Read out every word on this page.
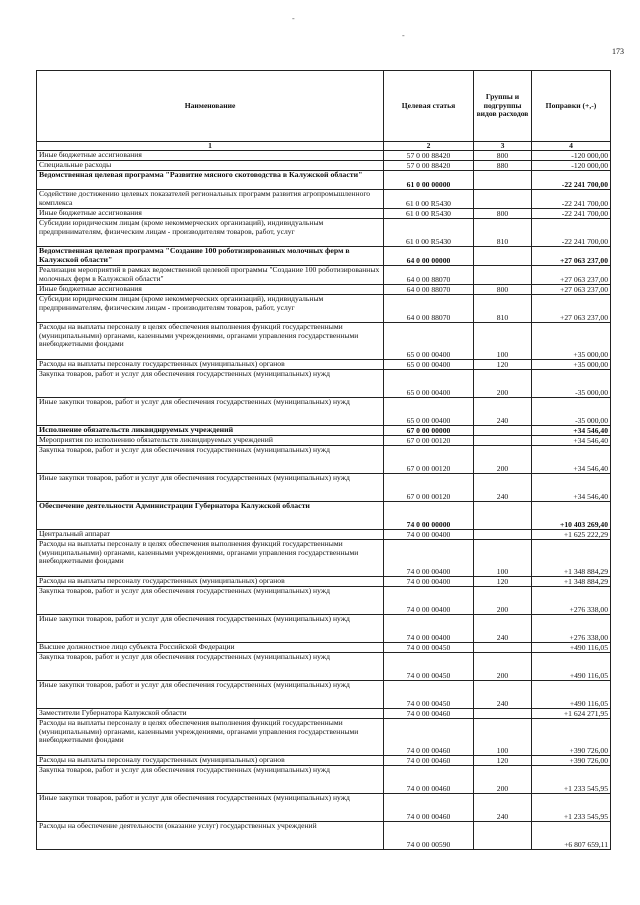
-
-
173
Наименование	Целевая статья	Группы и подгруппы видов расходов	Поправки (+,-)
1	2	3	4
Иные бюджетные ассигнования	57 0 00 88420	800	-120 000,00
Специальные расходы	57 0 00 88420	880	-120 000,00
Ведомственная целевая программа "Развитие мясного скотоводства в Калужской области"	61 0 00 00000		-22 241 700,00
Содействие достижению целевых показателей региональных программ развития агропромышленного комплекса	61 0 00 R5430		-22 241 700,00
Иные бюджетные ассигнования	61 0 00 R5430	800	-22 241 700,00
Субсидии юридическим лицам (кроме некоммерческих организаций), индивидуальным предпринимателям, физическим лицам - производителям товаров, работ, услуг	61 0 00 R5430	810	-22 241 700,00
Ведомственная целевая программа "Создание 100 роботизированных молочных ферм в Калужской области"	64 0 00 00000		+27 063 237,00
Реализация мероприятий в рамках ведомственной целевой программы "Создание 100 роботизированных молочных ферм в Калужской области"	64 0 00 88070		+27 063 237,00
Иные бюджетные ассигнования	64 0 00 88070	800	+27 063 237,00
Субсидии юридическим лицам (кроме некоммерческих организаций), индивидуальным предпринимателям, физическим лицам - производителям товаров, работ, услуг	64 0 00 88070	810	+27 063 237,00
Расходы на выплаты персоналу в целях обеспечения выполнения функций государственными (муниципальными) органами, казенными учреждениями, органами управления государственными внебюджетными фондами	65 0 00 00400	100	+35 000,00
Расходы на выплаты персоналу государственных (муниципальных) органов	65 0 00 00400	120	+35 000,00
Закупка товаров, работ и услуг для обеспечения государственных (муниципальных) нужд	65 0 00 00400	200	-35 000,00
Иные закупки товаров, работ и услуг для обеспечения государственных (муниципальных) нужд	65 0 00 00400	240	-35 000,00
Исполнение обязательств ликвидируемых учреждений	67 0 00 00000		+34 546,40
Мероприятия по исполнению обязательств ликвидируемых учреждений	67 0 00 00120		+34 546,40
Закупка товаров, работ и услуг для обеспечения государственных (муниципальных) нужд	67 0 00 00120	200	+34 546,40
Иные закупки товаров, работ и услуг для обеспечения государственных (муниципальных) нужд	67 0 00 00120	240	+34 546,40
Обеспечение деятельности Администрации Губернатора Калужской области	74 0 00 00000		+10 403 269,40
Центральный аппарат	74 0 00 00400		+1 625 222,29
Расходы на выплаты персоналу в целях обеспечения выполнения функций государственными (муниципальными) органами, казенными учреждениями, органами управления государственными внебюджетными фондами	74 0 00 00400	100	+1 348 884,29
Расходы на выплаты персоналу государственных (муниципальных) органов	74 0 00 00400	120	+1 348 884,29
Закупка товаров, работ и услуг для обеспечения государственных (муниципальных) нужд	74 0 00 00400	200	+276 338,00
Иные закупки товаров, работ и услуг для обеспечения государственных (муниципальных) нужд	74 0 00 00400	240	+276 338,00
Высшее должностное лицо субъекта Российской Федерации	74 0 00 00450		+490 116,05
Закупка товаров, работ и услуг для обеспечения государственных (муниципальных) нужд	74 0 00 00450	200	+490 116,05
Иные закупки товаров, работ и услуг для обеспечения государственных (муниципальных) нужд	74 0 00 00450	240	+490 116,05
Заместители Губернатора Калужской области	74 0 00 00460		+1 624 271,95
Расходы на выплаты персоналу в целях обеспечения выполнения функций государственными (муниципальными) органами, казенными учреждениями, органами управления государственными внебюджетными фондами	74 0 00 00460	100	+390 726,00
Расходы на выплаты персоналу государственных (муниципальных) органов	74 0 00 00460	120	+390 726,00
Закупка товаров, работ и услуг для обеспечения государственных (муниципальных) нужд	74 0 00 00460	200	+1 233 545,95
Иные закупки товаров, работ и услуг для обеспечения государственных (муниципальных) нужд	74 0 00 00460	240	+1 233 545,95
Расходы на обеспечение деятельности (оказание услуг) государственных учреждений	74 0 00 00590		+6 807 659,11
